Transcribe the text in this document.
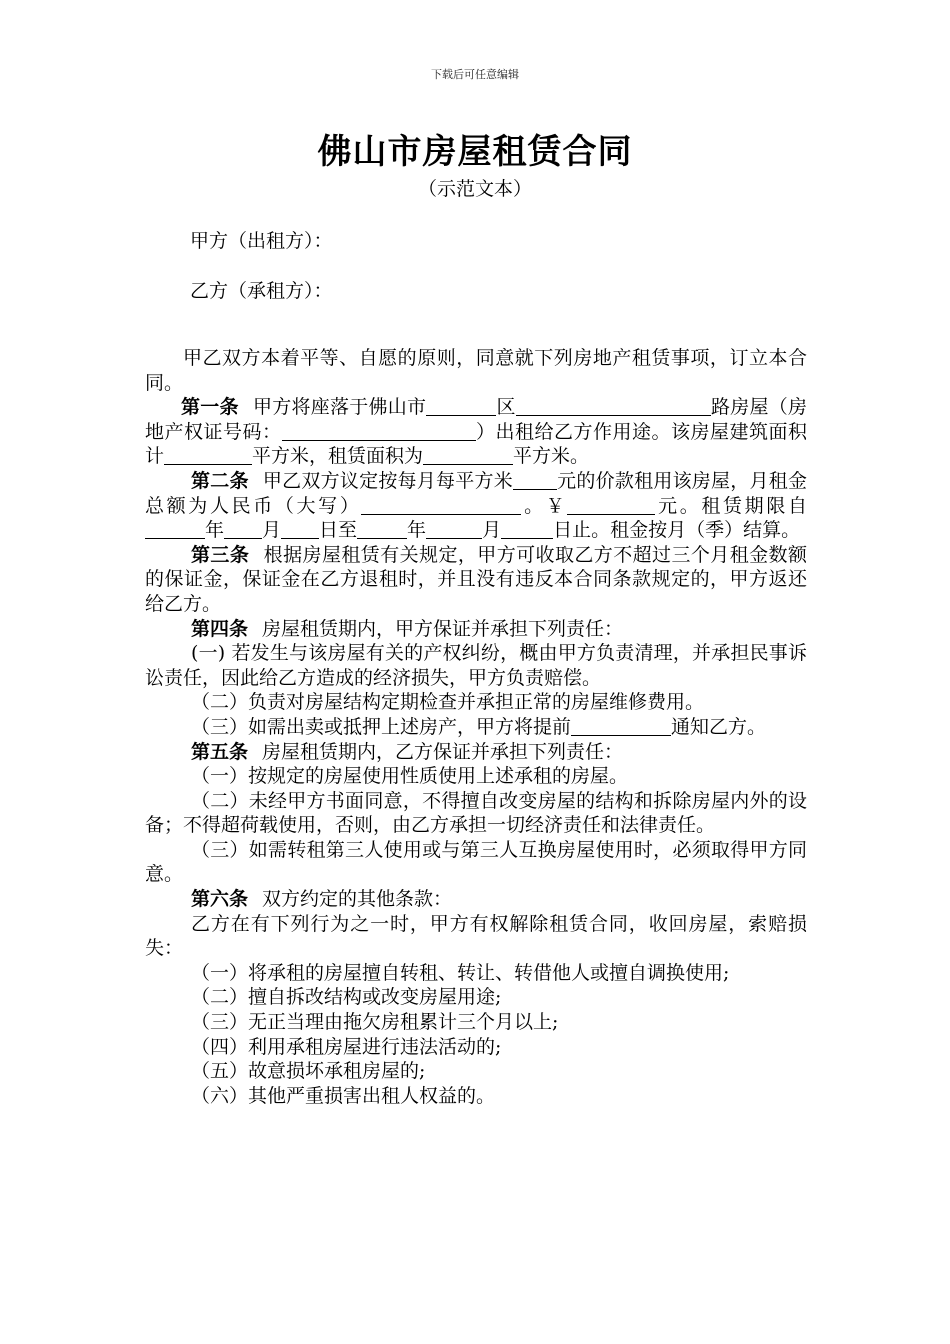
下载后可任意编辑
佛山市房屋租赁合同
（示范文本）
甲方（出租方）：
乙方（承租方）：

甲乙双方本着平等、自愿的原则，同意就下列房地产租赁事项，订立本合同。

第一条 甲方将座落于佛山市	区	路房屋（房地产权证号码：	）出租给乙方作用途。该房屋建筑面积计	平方米，租赁面积为	平方米。

第二条 甲乙双方议定按每月每平方米 元的价款租用该房屋，月租金总额为人民币（大写）	。￥	元。租赁期限自年 月 日至	年	月	日止。租金按月（季）结算。

第三条 根据房屋租赁有关规定，甲方可收取乙方不超过三个月租金数额的保证金，保证金在乙方退租时，并且没有违反本合同条款规定的，甲方返还给乙方。

第四条 房屋租赁期内，甲方保证并承担下列责任：

(一) 若发生与该房屋有关的产权纠纷，概由甲方负责清理，并承担民事诉讼责任，因此给乙方造成的经济损失，甲方负责赔偿。

（二）负责对房屋结构定期检查并承担正常的房屋维修费用。

（三）如需出卖或抵押上述房产，甲方将提前	通知乙方。

第五条 房屋租赁期内，乙方保证并承担下列责任：

（一）按规定的房屋使用性质使用上述承租的房屋。

（二）未经甲方书面同意，不得擅自改变房屋的结构和拆除房屋内外的设备；不得超荷载使用，否则，由乙方承担一切经济责任和法律责任。

（三）如需转租第三人使用或与第三人互换房屋使用时，必须取得甲方同意。

第六条 双方约定的其他条款：

乙方在有下列行为之一时，甲方有权解除租赁合同，收回房屋，索赔损失：

（一）将承租的房屋擅自转租、转让、转借他人或擅自调换使用;

（二）擅自拆改结构或改变房屋用途;

（三）无正当理由拖欠房租累计三个月以上;

（四）利用承租房屋进行违法活动的;

（五）故意损坏承租房屋的;

（六）其他严重损害出租人权益的。
